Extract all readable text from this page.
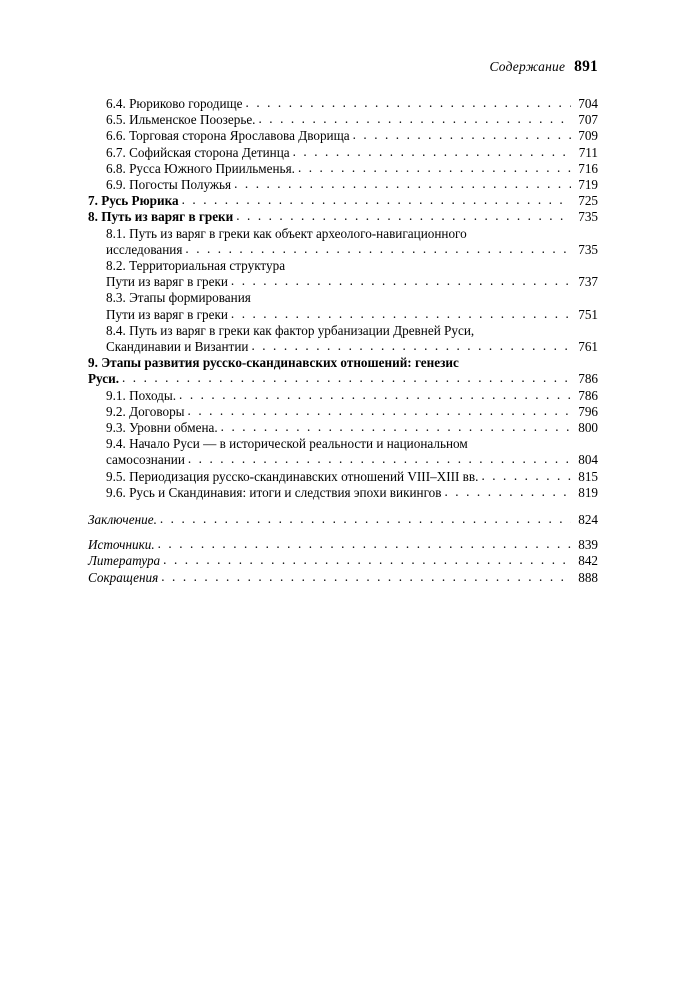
Содержание 891
6.4. Рюриково городище . . .	704
6.5. Ильменское Поозерье. . . .	707
6.6. Торговая сторона Ярославова Дворища . . .	709
6.7. Софийская сторона Детинца . . .	711
6.8. Русса Южного Приильменья. . . .	716
6.9. Погосты Полужья . . .	719
7. Русь Рюрика . . .	725
8. Путь из варяг в греки . . .	735
8.1. Путь из варяг в греки как объект археолого-навигационного
исследования . . .	735
8.2. Территориальная структура
Пути из варяг в греки . . .	737
8.3. Этапы формирования
Пути из варяг в греки . . .	751
8.4. Путь из варяг в греки как фактор урбанизации Древней Руси,
Скандинавии и Византии . . .	761
9. Этапы развития русско-скандинавских отношений: генезис
Руси. . . .	786
9.1. Походы. . . .	786
9.2. Договоры . . .	796
9.3. Уровни обмена. . . .	800
9.4. Начало Руси — в исторической реальности и национальном
самосознании . . .	804
9.5. Периодизация русско-скандинавских отношений VIII–XIII вв. . . .	815
9.6. Русь и Скандинавия: итоги и следствия эпохи викингов . . .	819
Заключение. . . .	824
Источники. . . .	839
Литература . . .	842
Сокращения . . .	888
